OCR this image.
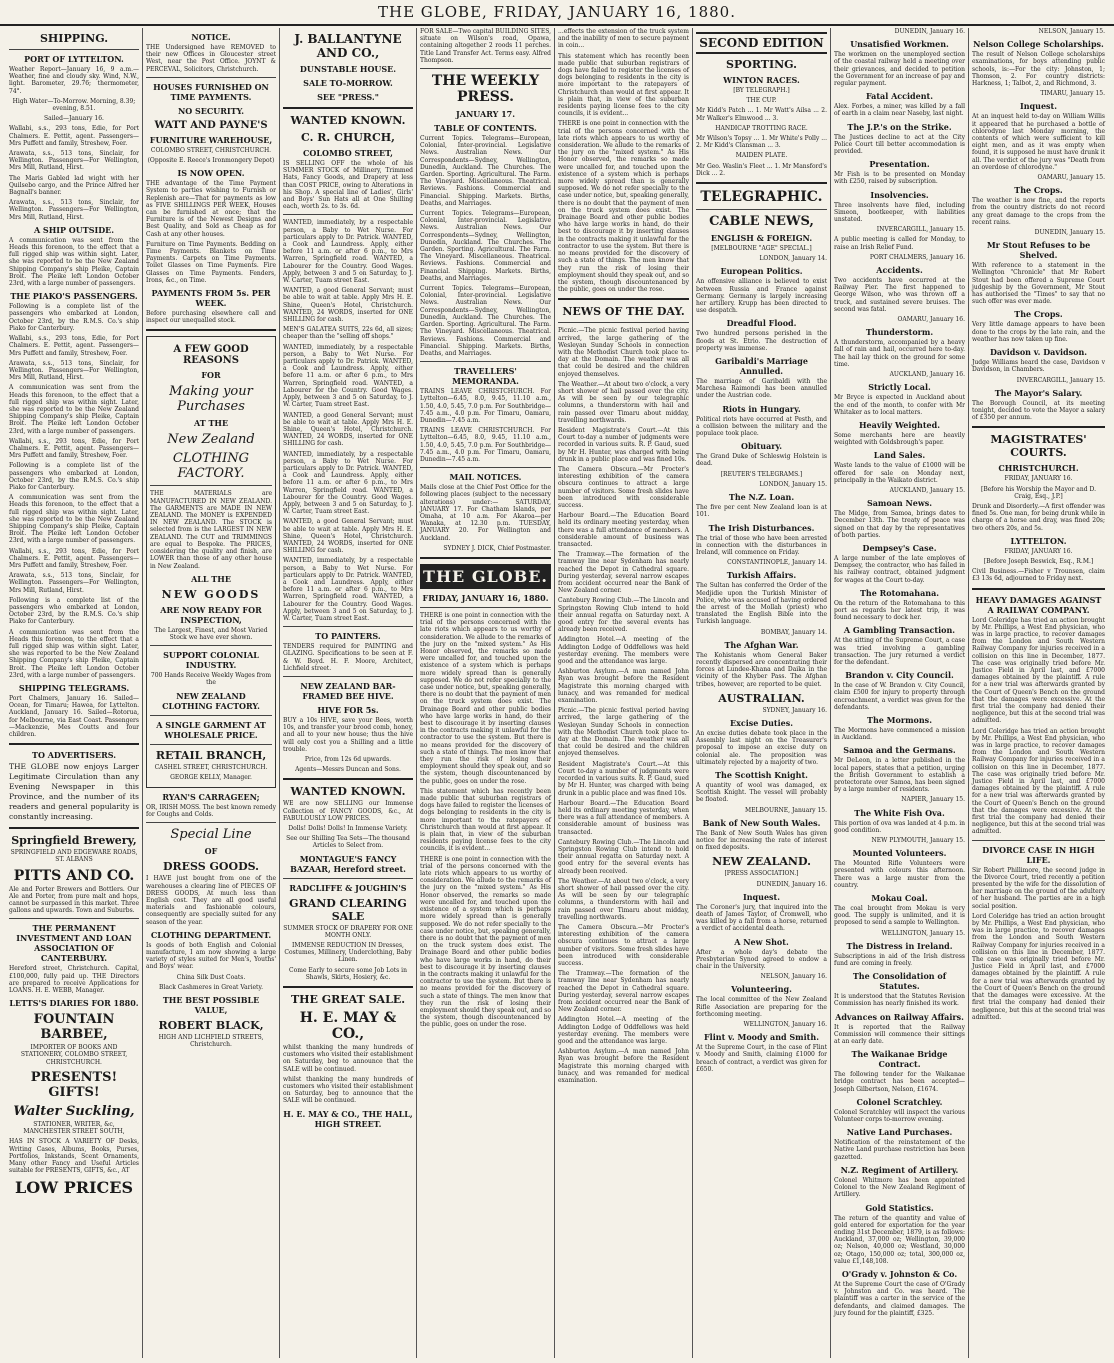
THE GLOBE, FRIDAY, JANUARY 16, 1880.
SHIPPING.
PORT OF LYTTELTON.

Weather Report—January 16, 9 a.m.—Weather, fine and cloudy sky. Wind, N.W., light. Barometer, 29.76; thermometer, 74°.

High Water—To-Morrow. Morning, 8.39; evening, 8.51.

Sailed—January 16.

Wallabi, s.s., 293 tons, Edie, for Port Chalmers. E. Pettit, agent. Passengers—Mrs Puffett and family, Streshew, Foer.

Arawata, s.s., 513 tons, Sinclair, for Wellington. Passengers—For Wellington, Mrs Mill, Rutland, Hirst.

The Maris Gabled lad wight with her Quilsebo cargo, and the Prince Alfred her Bagnall's banner.

Arawata, s.s., 513 tons, Sinclair, for Wellington. Passengers—For Wellington, Mrs Mill, Rutland, Hirst.

A SHIP OUTSIDE.

A communication was sent from the Heads this forenoon, to the effect that a full rigged ship was within sight. Later, she was reported to be the New Zealand Shipping Company's ship Pleike, Captain Broit. The Pleike left London October 23rd, with a large number of passengers.

THE PIAKO'S PASSENGERS.

Following is a complete list of the passengers who embarked at London, October 23rd, by the R.M.S. Co.'s ship Piako for Canterbury.

Wallabi, s.s., 293 tons, Edie, for Port Chalmers. E. Pettit, agent. Passengers—Mrs Puffett and family, Streshew, Foer.

Arawata, s.s., 513 tons, Sinclair, for Wellington. Passengers—For Wellington, Mrs Mill, Rutland, Hirst.

A communication was sent from the Heads this forenoon, to the effect that a full rigged ship was within sight. Later, she was reported to be the New Zealand Shipping Company's ship Pleike, Captain Broit. The Pleike left London October 23rd, with a large number of passengers.

Wallabi, s.s., 293 tons, Edie, for Port Chalmers. E. Pettit, agent. Passengers—Mrs Puffett and family, Streshew, Foer.

Following is a complete list of the passengers who embarked at London, October 23rd, by the R.M.S. Co.'s ship Piako for Canterbury.

A communication was sent from the Heads this forenoon, to the effect that a full rigged ship was within sight. Later, she was reported to be the New Zealand Shipping Company's ship Pleike, Captain Broit. The Pleike left London October 23rd, with a large number of passengers.

Wallabi, s.s., 293 tons, Edie, for Port Chalmers. E. Pettit, agent. Passengers—Mrs Puffett and family, Streshew, Foer.

Arawata, s.s., 513 tons, Sinclair, for Wellington. Passengers—For Wellington, Mrs Mill, Rutland, Hirst.

Following is a complete list of the passengers who embarked at London, October 23rd, by the R.M.S. Co.'s ship Piako for Canterbury.

A communication was sent from the Heads this forenoon, to the effect that a full rigged ship was within sight. Later, she was reported to be the New Zealand Shipping Company's ship Pleike, Captain Broit. The Pleike left London October 23rd, with a large number of passengers.

SHIPPING TELEGRAMS.

Port Chalmers, January 16. Sailed—Ocean, for Timaru; Hawea, for Lyttelton. Auckland, January 16. Sailed—Rotorua, for Melbourne, via East Coast. Passengers—Mackenzie, Mes Coutts and four children.

TO ADVERTISERS.

THE GLOBE now enjoys Larger Legitimate Circulation than any Evening Newspaper in this Province, and the number of its readers and general popularity is constantly increasing.

Springfield Brewery,

SPRINGFIELD AND EDGEWARE ROADS, ST. ALBANS

PITTS AND CO.

Ale and Porter Brewers and Bottlers. Our Ale and Porter, from pure malt and hops, cannot be surpassed in this market. Three gallons and upwards. Town and Suburbs.

THE PERMANENT INVESTMENT AND LOAN ASSOCIATION OF CANTERBURY.

Hereford street, Christchurch. Capital, £100,000, fully paid up. THE Directors are prepared to receive Applications for LOANS. H. E. WEBB, Manager.

LETTS'S DIARIES FOR 1880.
FOUNTAIN BARBEE,

IMPORTER OF BOOKS AND STATIONERY, COLOMBO STREET, CHRISTCHURCH.

PRESENTS! GIFTS!
Walter Suckling,

STATIONER, WRITER, &c, MANCHESTER STREET SOUTH,

HAS IN STOCK A VARIETY OF Desks, Writing Cases, Albums, Books, Purses, Portfolios, Inkstands, Scent Ornaments, Many other Fancy and Useful Articles suitable for PRESENTS, GIFTS, &c., AT

LOW PRICES
NOTICE.

THE Undersigned have REMOVED to their new Offices in Gloucester street West, near the Post Office. JOYNT & PERCEVAL, Solicitors, Christchurch.

HOUSES FURNISHED ON TIME PAYMENTS.
NO SECURITY.
WATT AND PAYNE'S
FURNITURE WAREHOUSE,

COLOMBO STREET, CHRISTCHURCH.

(Opposite E. Reece's Ironmongery Depot)

IS NOW OPEN.

THE advantage of the Time Payment System to parties wishing to Furnish or Replenish are—That for payments as low as FIVE SHILLINGS PER WEEK, Houses can be furnished at once; that the Furniture is of the Newest Designs and Best Quality, and Sold as Cheap as for Cash at any other houses.

Furniture on Time Payments. Bedding on Time Payments. Blankets on Time Payments. Carpets on Time Payments. Toilet Glasses on Time Payments. Fire Glasses on Time Payments. Fenders, Irons, &c., on Time.

PAYMENTS FROM 5s. PER WEEK.

Before purchasing elsewhere call and inspect our unequalled stock.

A FEW GOOD REASONS
FOR
Making your Purchases
AT THE
New Zealand
CLOTHING FACTORY.

THE MATERIALS are MANUFACTURED IN NEW ZEALAND. The GARMENTS are MADE IN NEW ZEALAND. The MONEY is EXPENDED IN NEW ZEALAND. The STOCK is selected from is the LARGEST IN NEW ZEALAND. The CUT and TRIMMINGS are equal to Bespoke. The PRICES, considering the quality and finish, are LOWER than those of any other house in New Zealand.

ALL THE
NEW GOODS
ARE NOW READY FOR INSPECTION,

The Largest, Finest, and Most Varied Stock we have ever shown.

SUPPORT COLONIAL INDUSTRY.

700 Hands Receive Weekly Wages from the

NEW ZEALAND CLOTHING FACTORY.
A SINGLE GARMENT AT WHOLESALE PRICE.
RETAIL BRANCH,

CASHEL STREET, CHRISTCHURCH.

GEORGE KELLY, Manager.

RYAN'S CARRAGEEN;

OR, IRISH MOSS. The best known remedy for Coughs and Colds.

Special Line
OF
DRESS GOODS.

I HAVE just bought from one of the warehouses a clearing line of PIECES OF DRESS GOODS, At much less than English cost. They are all good useful materials and fashionable colours, consequently are specially suited for any season of the year.

CLOTHING DEPARTMENT.

Is goods of both English and Colonial manufacture, I am now showing a large variety of styles suited for Men's, Youths' and Boys' wear.

China Silk Dust Coats.

Black Cashmeres in Great Variety.

THE BEST POSSIBLE VALUE,
ROBERT BLACK,

HIGH AND LICHFIELD STREETS, Christchurch.

J. BALLANTYNE AND CO.,
DUNSTABLE HOUSE.
SALE TO-MORROW.
SEE "PRESS."
WANTED KNOWN.
C. R. CHURCH,
COLOMBO STREET,

IS SELLING OFF the whole of his SUMMER STOCK of Millinery, Trimmed Hats, Fancy Goods, and Drapery at less than COST PRICE, owing to Alterations in his Shop. A special line of Ladies', Girls' and Boys' Sun Hats all at One Shilling each, worth 2s. to 3s. 6d.

WANTED, immediately, by a respectable person, a Baby to Wet Nurse. For particulars apply to Dr. Patrick. WANTED, a Cook and Laundress. Apply, either before 11 a.m. or after 6 p.m., to Mrs Warren, Springfield road. WANTED, a Labourer for the Country. Good Wages. Apply, between 3 and 5 on Saturday, to J. W. Carter, Tuam street East.

WANTED, a good General Servant; must be able to wait at table. Apply Mrs H. E. Shine, Queen's Hotel, Christchurch. WANTED, 24 WORDS, inserted for ONE SHILLING for cash.

MEN'S GALATEA SUITS, 22s 6d, all sizes; cheaper than the "selling off shops."

WANTED, immediately, by a respectable person, a Baby to Wet Nurse. For particulars apply to Dr. Patrick. WANTED, a Cook and Laundress. Apply, either before 11 a.m. or after 6 p.m., to Mrs Warren, Springfield road. WANTED, a Labourer for the Country. Good Wages. Apply, between 3 and 5 on Saturday, to J. W. Carter, Tuam street East.

WANTED, a good General Servant; must be able to wait at table. Apply Mrs H. E. Shine, Queen's Hotel, Christchurch. WANTED, 24 WORDS, inserted for ONE SHILLING for cash.

WANTED, immediately, by a respectable person, a Baby to Wet Nurse. For particulars apply to Dr. Patrick. WANTED, a Cook and Laundress. Apply, either before 11 a.m. or after 6 p.m., to Mrs Warren, Springfield road. WANTED, a Labourer for the Country. Good Wages. Apply, between 3 and 5 on Saturday, to J. W. Carter, Tuam street East.

WANTED, a good General Servant; must be able to wait at table. Apply Mrs H. E. Shine, Queen's Hotel, Christchurch. WANTED, 24 WORDS, inserted for ONE SHILLING for cash.

WANTED, immediately, by a respectable person, a Baby to Wet Nurse. For particulars apply to Dr. Patrick. WANTED, a Cook and Laundress. Apply, either before 11 a.m. or after 6 p.m., to Mrs Warren, Springfield road. WANTED, a Labourer for the Country. Good Wages. Apply, between 3 and 5 on Saturday, to J. W. Carter, Tuam street East.

TO PAINTERS.

TENDERS required for PAINTING and GLAZING. Specifications to be seen at F. & W. Boyd. H. F. Moore, Architect, Lichfield street.

NEW ZEALAND BAR-FRAMED BEE HIVE.
HIVE FOR 5s.

BUY a 10s HIVE, save your Bees, worth 10s, and transfer your brood comb, honey, and all to your new house; thus the hive will only cost you a Shilling and a little trouble.

Price, from 12s 6d upwards.

Agents—Messrs Duncan and Sons.

WANTED KNOWN.

WE are now SELLING our Immense Collection of FANCY GOODS, &c., At FABULOUSLY LOW PRICES.

Dolls! Dolls! Dolls! In Immense Variety.

See our Shilling Tea Sets—The thousand Articles to Select from.

MONTAGUE'S FANCY BAZAAR, Hereford street.
RADCLIFFE & JOUGHIN'S
GRAND CLEARING SALE

SUMMER STOCK OF DRAPERY FOR ONE MONTH ONLY.

IMMENSE REDUCTION IN Dresses, Costumes, Millinery, Underclothing, Baby Linen.

Come Early to secure some Job Lots in Shawls, Skirts, Hosiery, &c.

THE GREAT SALE.
H. E. MAY & CO.,

whilst thanking the many hundreds of customers who visited their establishment on Saturday, beg to announce that the SALE will be continued.

whilst thanking the many hundreds of customers who visited their establishment on Saturday, beg to announce that the SALE will be continued.

H. E. MAY & CO., THE HALL, HIGH STREET.

FOR SALE—Two capital BUILDING SITES, situate on Wilson's road, Opawa, containing altogether 2 roods 11 perches. Title Land Transfer Act. Terms easy. Alfred Thompson.

THE WEEKLY PRESS.
JANUARY 17.
TABLE OF CONTENTS.

Current Topics. Telegrams—European, Colonial, Inter-provincial. Legislative News. Australian News. Our Correspondents—Sydney, Wellington, Dunedin, Auckland. The Churches. The Garden. Sporting. Agricultural. The Farm. The Vineyard. Miscellaneous. Theatrical. Reviews. Fashions. Commercial and Financial. Shipping. Markets. Births, Deaths, and Marriages.

Current Topics. Telegrams—European, Colonial, Inter-provincial. Legislative News. Australian News. Our Correspondents—Sydney, Wellington, Dunedin, Auckland. The Churches. The Garden. Sporting. Agricultural. The Farm. The Vineyard. Miscellaneous. Theatrical. Reviews. Fashions. Commercial and Financial. Shipping. Markets. Births, Deaths, and Marriages.

Current Topics. Telegrams—European, Colonial, Inter-provincial. Legislative News. Australian News. Our Correspondents—Sydney, Wellington, Dunedin, Auckland. The Churches. The Garden. Sporting. Agricultural. The Farm. The Vineyard. Miscellaneous. Theatrical. Reviews. Fashions. Commercial and Financial. Shipping. Markets. Births, Deaths, and Marriages.

TRAVELLERS' MEMORANDA.

TRAINS LEAVE CHRISTCHURCH. For Lyttelton—6.45, 8.0, 9.45, 11.10 a.m., 1.50, 4.0, 5.45, 7.0 p.m. For Southbridge—7.45 a.m., 4.0 p.m. For Timaru, Oamaru, Dunedin—7.45 a.m.

TRAINS LEAVE CHRISTCHURCH. For Lyttelton—6.45, 8.0, 9.45, 11.10 a.m., 1.50, 4.0, 5.45, 7.0 p.m. For Southbridge—7.45 a.m., 4.0 p.m. For Timaru, Oamaru, Dunedin—7.45 a.m.

MAIL NOTICES.

Mails close at the Chief Post Office for the following places (subject to the necessary alterations) under:— SATURDAY, JANUARY 17. For Chatham Islands, per Omaha, at 10 a.m. For Akaroa—per Wanaka, at 12.30 p.m. TUESDAY, JANUARY 20. For Wellington and Auckland.

SYDNEY J. DICK, Chief Postmaster.

THE GLOBE.
FRIDAY, JANUARY 16, 1880.

THERE is one point in connection with the trial of the persons concerned with the late riots which appears to us worthy of consideration. We allude to the remarks of the jury on the "mixed system." As His Honor observed, the remarks so made were uncalled for, and touched upon the existence of a system which is perhaps more widely spread than is generally supposed. We do not refer specially to the case under notice, but, speaking generally, there is no doubt that the payment of men on the truck system does exist. The Drainage Board and other public bodies who have large works in hand, do their best to discourage it by inserting clauses in the contracts making it unlawful for the contractor to use the system. But there is no means provided for the discovery of such a state of things. The men know that they run the risk of losing their employment should they speak out, and so the system, though discountenanced by the public, goes on under the rose.

This statement which has recently been made public that suburban registrars of dogs have failed to register the licenses of dogs belonging to residents in the city is more important to the ratepayers of Christchurch than would at first appear. It is plain that, in view of the suburban residents paying license fees to the city councils, it is evident...

THERE is one point in connection with the trial of the persons concerned with the late riots which appears to us worthy of consideration. We allude to the remarks of the jury on the "mixed system." As His Honor observed, the remarks so made were uncalled for, and touched upon the existence of a system which is perhaps more widely spread than is generally supposed. We do not refer specially to the case under notice, but, speaking generally, there is no doubt that the payment of men on the truck system does exist. The Drainage Board and other public bodies who have large works in hand, do their best to discourage it by inserting clauses in the contracts making it unlawful for the contractor to use the system. But there is no means provided for the discovery of such a state of things. The men know that they run the risk of losing their employment should they speak out, and so the system, though discountenanced by the public, goes on under the rose.

...effects the extension of the truck system and the inability of men to secure payment in coin...

This statement which has recently been made public that suburban registrars of dogs have failed to register the licenses of dogs belonging to residents in the city is more important to the ratepayers of Christchurch than would at first appear. It is plain that, in view of the suburban residents paying license fees to the city councils, it is evident...

THERE is one point in connection with the trial of the persons concerned with the late riots which appears to us worthy of consideration. We allude to the remarks of the jury on the "mixed system." As His Honor observed, the remarks so made were uncalled for, and touched upon the existence of a system which is perhaps more widely spread than is generally supposed. We do not refer specially to the case under notice, but, speaking generally, there is no doubt that the payment of men on the truck system does exist. The Drainage Board and other public bodies who have large works in hand, do their best to discourage it by inserting clauses in the contracts making it unlawful for the contractor to use the system. But there is no means provided for the discovery of such a state of things. The men know that they run the risk of losing their employment should they speak out, and so the system, though discountenanced by the public, goes on under the rose.

NEWS OF THE DAY.

Picnic.—The picnic festival period having arrived, the large gathering of the Wesleyan Sunday Schools in connection with the Methodist Church took place to-day at the Domain. The weather was all that could be desired and the children enjoyed themselves.

The Weather.—At about two o'clock, a very short shower of hail passed over the city. As will be seen by our telegraphic columns, a thunderstorm with hail and rain passed over Timaru about midday, travelling northwards.

Resident Magistrate's Court.—At this Court to-day a number of judgments were recorded in various suits. R. P. Gaud, sued by Mr H. Hunter, was charged with being drunk in a public place and was fined 10s.

The Camera Obscura.—Mr Procter's interesting exhibition of the camera obscura continues to attract a large number of visitors. Some fresh slides have been introduced with considerable success.

Harbour Board.—The Education Board held its ordinary meeting yesterday, when there was a full attendance of members. A considerable amount of business was transacted.

The Tramway.—The formation of the tramway line near Sydenham has nearly reached the Depot in Cathedral square. During yesterday, several narrow escapes from accident occurred near the Bank of New Zealand corner.

Cantebury Rowing Club.—The Lincoln and Springston Rowing Club intend to hold their annual regatta on Saturday next. A good entry for the several events has already been received.

Addington Hotel.—A meeting of the Addington Lodge of Oddfellows was held yesterday evening. The members were good and the attendance was large.

Ashburton Asylum.—A man named John Ryan was brought before the Resident Magistrate this morning charged with lunacy, and was remanded for medical examination.

Picnic.—The picnic festival period having arrived, the large gathering of the Wesleyan Sunday Schools in connection with the Methodist Church took place to-day at the Domain. The weather was all that could be desired and the children enjoyed themselves.

Resident Magistrate's Court.—At this Court to-day a number of judgments were recorded in various suits. R. P. Gaud, sued by Mr H. Hunter, was charged with being drunk in a public place and was fined 10s.

Harbour Board.—The Education Board held its ordinary meeting yesterday, when there was a full attendance of members. A considerable amount of business was transacted.

Cantebury Rowing Club.—The Lincoln and Springston Rowing Club intend to hold their annual regatta on Saturday next. A good entry for the several events has already been received.

The Weather.—At about two o'clock, a very short shower of hail passed over the city. As will be seen by our telegraphic columns, a thunderstorm with hail and rain passed over Timaru about midday, travelling northwards.

The Camera Obscura.—Mr Procter's interesting exhibition of the camera obscura continues to attract a large number of visitors. Some fresh slides have been introduced with considerable success.

The Tramway.—The formation of the tramway line near Sydenham has nearly reached the Depot in Cathedral square. During yesterday, several narrow escapes from accident occurred near the Bank of New Zealand corner.

Addington Hotel.—A meeting of the Addington Lodge of Oddfellows was held yesterday evening. The members were good and the attendance was large.

Ashburton Asylum.—A man named John Ryan was brought before the Resident Magistrate this morning charged with lunacy, and was remanded for medical examination.

SECOND EDITION
SPORTING.
WINTON RACES.

[BY TELEGRAPH.]

THE CUP.

Mr Kidd's Patch ... 1. Mr Watt's Ailsa ... 2. Mr Walker's Elmwood ... 3.

HANDICAP TROTTING RACE.

Mr Wilson's Topsy ... 1. Mr White's Polly ... 2. Mr Kidd's Clansman ... 3.

MAIDEN PLATE.

Mr Geo. Waslin's Fleet ... 1. Mr Mansford's Dick ... 2.

TELEGRAPHIC.
CABLE NEWS,
ENGLISH & FOREIGN.

[MELBOURNE "AGE" SPECIAL.]

LONDON, January 14.

European Politics.

An offensive alliance is believed to exist between Russia and France against Germany. Germany is largely increasing her artillery. Krupp has been directed to use despatch.

Dreadful Flood.

Two hundred persons perished in the floods at St. Etrio. The destruction of property was immense.

Garibaldi's Marriage Annulled.

The marriage of Garibaldi with the Marchesa Raimondi has been annulled under the Austrian code.

Riots in Hungary.

Political riots have occurred at Pesth, and a collision between the military and the populace took place.

Obituary.

The Grand Duke of Schleswig Holstein is dead.

[REUTER'S TELEGRAMS.]

LONDON, January 15.

The N.Z. Loan.

The five per cent New Zealand loan is at 101.

The Irish Disturbances.

The trial of those who have been arrested in connection with the disturbances in Ireland, will commence on Friday.

CONSTANTINOPLE, January 14.

Turkish Affairs.

The Sultan has conferred the Order of the Medjidie upon the Turkish Minister of Police, who was accused of having ordered the arrest of the Mollah (priest) who translated the English Bible into the Turkish language.

BOMBAY, January 14.

The Afghan War.

The Kohistanis whom General Baker recently dispersed are concentrating their forces at Lundee-Khana and Daika in the vicinity of the Khyber Pass. The Afghan tribes, however, are reported to be quiet.

AUSTRALIAN.

SYDNEY, January 16.

Excise Duties.

An excise duties debate took place in the Assembly last night on the Treasurer's proposal to impose an excise duty on colonial ale. The proposition was ultimately rejected by a majority of two.

The Scottish Knight.

A quantity of wool was damaged, ex Scottish Knight. The vessel will probably be floated.

MELBOURNE, January 15.

Bank of New South Wales.

The Bank of New South Wales has given notice for increasing the rate of interest on fixed deposits.

NEW ZEALAND.

[PRESS ASSOCIATION.]

DUNEDIN, January 16.

Inquest.

The Coroner's jury, that inquired into the death of James Taylor, of Cromwell, who was killed by a fall from a horse, returned a verdict of accidental death.

A New Shot.

After a whole day's debate the Presbyterian Synod agreed to endow a chair in the University.

NELSON, January 16.

Volunteering.

The local committee of the New Zealand Rifle Association are preparing for the forthcoming meeting.

WELLINGTON, January 16.

Flint v. Moody and Smith.

At the Supreme Court, in the case of Flint v. Moody and Smith, claiming £1000 for breach of contract, a verdict was given for £650.

DUNEDIN, January 16.

Unsatisfied Workmen.

The workmen on the unemployed section of the coastal railway held a meeting over their grievances, and decided to petition the Government for an increase of pay and regular payment.

Fatal Accident.

Alex. Forbes, a miner, was killed by a fall of earth in a claim near Naseby, last night.

The J.P.'s on the Strike.

The Justices decline to act at the City Police Court till better accommodation is provided.

Presentation.

Mr Fish is to be presented on Monday with £250, raised by subscription.

Insolvencies.

Three insolvents have filed, including Simeon, bootkeeper, with liabilities unstated.

INVERCARGILL, January 15.

A public meeting is called for Monday, to raise an Irish Relief Fund.

PORT CHALMERS, January 16.

Accidents.

Two accidents have occurred at the Railway Pier. The first happened to George Wilson, who was thrown off a truck, and sustained severe bruises. The second was fatal.

OAMARU, January 16.

Thunderstorm.

A thunderstorm, accompanied by a heavy fall of rain and hail, occurred here to-day. The hail lay thick on the ground for some time.

AUCKLAND, January 16.

Strictly Local.

Mr Bryce is expected in Auckland about the end of the month, to confer with Mr Whitaker as to local matters.

Heavily Weighted.

Some merchants here are heavily weighted with Goldsbrough's paper.

Land Sales.

Waste lands to the value of £1000 will be offered for sale on Monday next, principally in the Waikato district.

AUCKLAND, January 15.

Samoan News.

The Midge, from Samoa, brings dates to December 13th. The treaty of peace was signed on that day by the representatives of both parties.

Dempsey's Case.

A large number of the late employes of Dempsey, the contractor, who has failed in his railway contract, obtained judgment for wages at the Court to-day.

The Rotomahana.

On the return of the Rotomahana to this port as regards her latest trip, it was found necessary to dock her.

A Gambling Transaction.

At the sitting of the Supreme Court, a case was tried involving a gambling transaction. The jury returned a verdict for the defendant.

Brandon v. City Council.

In the case of W. Brandon v. City Council, claim £500 for injury to property through encroachment, a verdict was given for the defendants.

The Mormons.

The Mormons have commenced a mission in Auckland.

Samoa and the Germans.

Mr DeLeon, in a letter published in the local papers, states that a petition, urging the British Government to establish a protectorate over Samoa, has been signed by a large number of residents.

NAPIER, January 15.

The White Fish Ova.

This portion of ova was landed at 4 p.m. in good condition.

NEW PLYMOUTH, January 15.

Mounted Volunteers.

The Mounted Rifle Volunteers were presented with colours this afternoon. There was a large muster from the country.

Mokau Coal.

The coal brought from Mokau is very good. The supply is unlimited, and it is proposed to send a sample to Wellington.

WELLINGTON, January 15.

The Distress in Ireland.

Subscriptions in aid of the Irish distress fund are coming in freely.

The Consolidation of Statutes.

It is understood that the Statutes Revision Commission has nearly finished its work.

Advances on Railway Affairs.

It is reported that the Railway Commission will commence their sittings at an early date.

The Waikanae Bridge Contract.

The following tender for the Waikanae bridge contract has been accepted—Joseph Gilbertson, Nelson, £1674.

Colonel Scratchley.

Colonel Scratchley will inspect the various Volunteer corps to-morrow evening.

Native Land Purchases.

Notification of the reinstatement of the Native Land purchase restriction has been gazetted.

N.Z. Regiment of Artillery.

Colonel Whitmore has been appointed Colonel to the New Zealand Regiment of Artillery.

Gold Statistics.

The return of the quantity and value of gold entered for exportation for the year ending 31st December, 1879, is as follows: Auckland, 37,000 oz; Wellington, 39,000 oz; Nelson, 40,000 oz; Westland, 30,000 oz; Otago, 150,000 oz; total, 300,000 oz, value £1,148,108.

O'Grady v. Johnston & Co.

At the Supreme Court the case of O'Grady v. Johnston and Co. was heard. The plaintiff was a carter in the service of the defendants, and claimed damages. The jury found for the plaintiff, £325.

NELSON, January 15.

Nelson College Scholarships.

The result of Nelson College scholarships examinations, for boys attending public schools, is:—For the city: Johnston, 1; Thomson, 2. For country districts: Harkness, 1; Talbot, 2, and Richmond, 3.

TIMARU, January 15.

Inquest.

At an inquest held to-day on William Willis it appeared that he purchased a bottle of chlorodyne last Monday morning, the contents of which were sufficient to kill eight men, and as it was empty when found, it is supposed he must have drunk it all. The verdict of the jury was "Death from an overdose of chlorodyne."

OAMARU, January 15.

The Crops.

The weather is now fine, and the reports from the country districts do not record any great damage to the crops from the recent rains.

DUNEDIN, January 15.

Mr Stout Refuses to be Shelved.

With reference to a statement in the Wellington "Chronicle" that Mr Robert Stout had been offered a Supreme Court judgeship by the Government, Mr Stout has authorised the "Times" to say that no such offer was ever made.

The Crops.

Very little damage appears to have been done to the crops by the late rain, and the weather has now taken up fine.

Davidson v. Davidson.

Judge Williams heard the case, Davidson v Davidson, in Chambers.

INVERCARGILL, January 15.

The Mayor's Salary.

The Borough Council, at its meeting tonight, decided to vote the Mayor a salary of £350 per annum.

MAGISTRATES' COURTS.
CHRISTCHURCH.

FRIDAY, JANUARY 16.

[Before his Worship the Mayor and D. Craig, Esq., J.P.]

Drunk and Disorderly.—A first offender was fined 5s. One man, for being drunk while in charge of a horse and dray, was fined 20s; two others 20s, and 5s.

LYTTELTON.

FRIDAY, JANUARY 16.

[Before Joseph Beswick, Esq., R.M.]

Civil Business.—Fisher v Trounsen, claim £3 13s 6d, adjourned to Friday next.

HEAVY DAMAGES AGAINST A RAILWAY COMPANY.

Lord Coleridge has tried an action brought by Mr. Phillips, a West End physician, who was in large practice, to recover damages from the London and South Western Railway Company for injuries received in a collision on this line in December, 1877. The case was originally tried before Mr. Justice Field in April last, and £7000 damages obtained by the plaintiff. A rule for a new trial was afterwards granted by the Court of Queen's Bench on the ground that the damages were excessive. At the first trial the company had denied their negligence, but this at the second trial was admitted.

Lord Coleridge has tried an action brought by Mr. Phillips, a West End physician, who was in large practice, to recover damages from the London and South Western Railway Company for injuries received in a collision on this line in December, 1877. The case was originally tried before Mr. Justice Field in April last, and £7000 damages obtained by the plaintiff. A rule for a new trial was afterwards granted by the Court of Queen's Bench on the ground that the damages were excessive. At the first trial the company had denied their negligence, but this at the second trial was admitted.

DIVORCE CASE IN HIGH LIFE.

Sir Robert Phillimore, the second judge in the Divorce Court, tried recently a petition presented by the wife for the dissolution of her marriage on the ground of the adultery of her husband. The parties are in a high social position.

Lord Coleridge has tried an action brought by Mr. Phillips, a West End physician, who was in large practice, to recover damages from the London and South Western Railway Company for injuries received in a collision on this line in December, 1877. The case was originally tried before Mr. Justice Field in April last, and £7000 damages obtained by the plaintiff. A rule for a new trial was afterwards granted by the Court of Queen's Bench on the ground that the damages were excessive. At the first trial the company had denied their negligence, but this at the second trial was admitted.
